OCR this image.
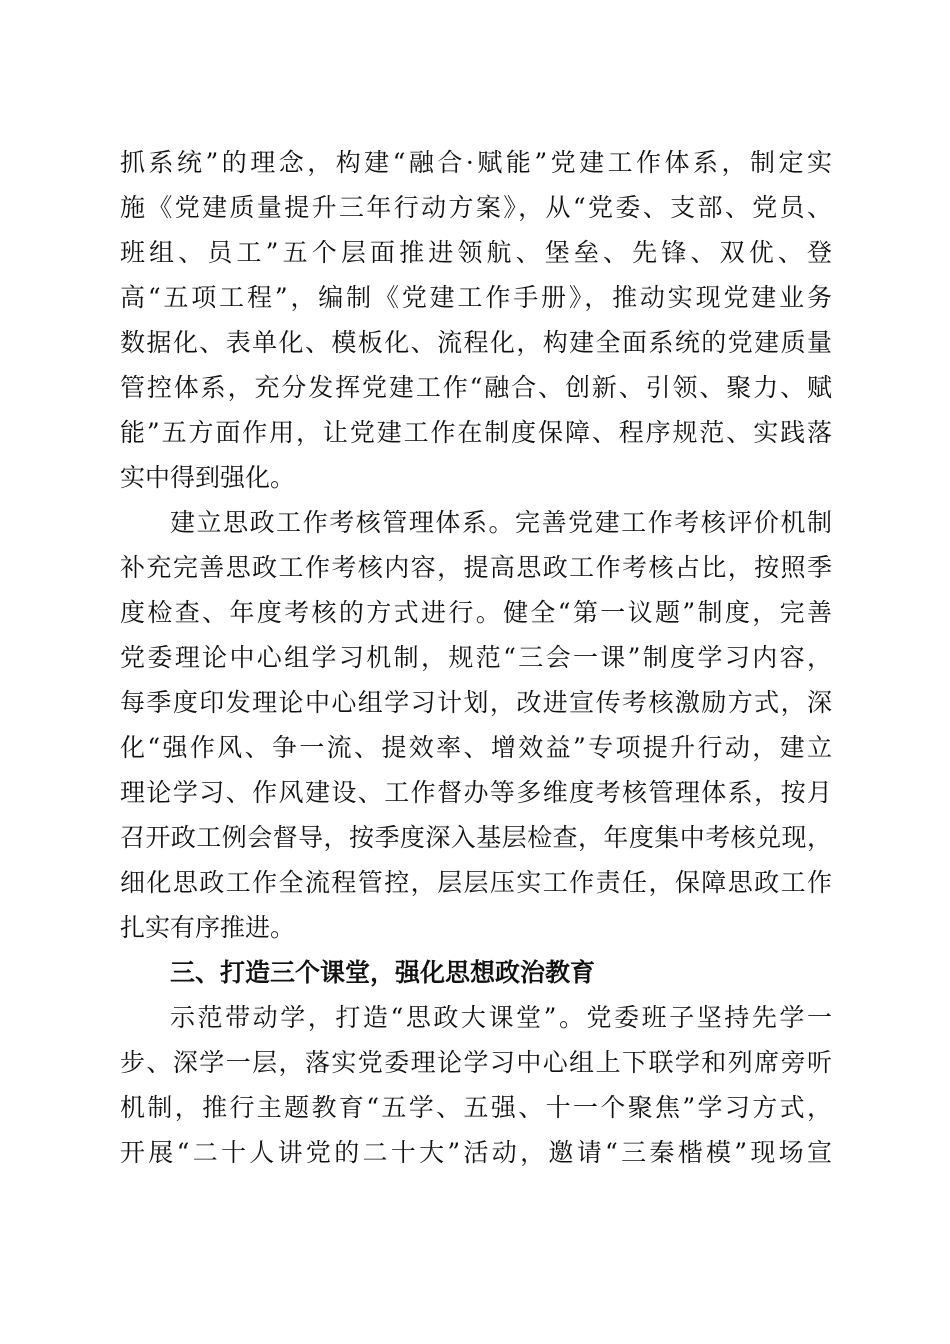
抓系统”的理念，构建“融合·赋能”党建工作体系，制定实
施《党建质量提升三年行动方案》，从“党委、支部、党员、
班组、员工”五个层面推进领航、堡垒、先锋、双优、登
高“五项工程”，编制《党建工作手册》，推动实现党建业务
数据化、表单化、模板化、流程化，构建全面系统的党建质量
管控体系，充分发挥党建工作“融合、创新、引领、聚力、赋
能”五方面作用，让党建工作在制度保障、程序规范、实践落
实中得到强化。
建立思政工作考核管理体系。完善党建工作考核评价机制
补充完善思政工作考核内容，提高思政工作考核占比，按照季
度检查、年度考核的方式进行。健全“第一议题”制度，完善
党委理论中心组学习机制，规范“三会一课”制度学习内容，
每季度印发理论中心组学习计划，改进宣传考核激励方式，深
化“强作风、争一流、提效率、增效益”专项提升行动，建立
理论学习、作风建设、工作督办等多维度考核管理体系，按月
召开政工例会督导，按季度深入基层检查，年度集中考核兑现，
细化思政工作全流程管控，层层压实工作责任，保障思政工作
扎实有序推进。
三、打造三个课堂，强化思想政治教育
示范带动学，打造“思政大课堂”。党委班子坚持先学一
步、深学一层，落实党委理论学习中心组上下联学和列席旁听
机制，推行主题教育“五学、五强、十一个聚焦”学习方式，
开展“二十人讲党的二十大”活动，邀请“三秦楷模”现场宣
